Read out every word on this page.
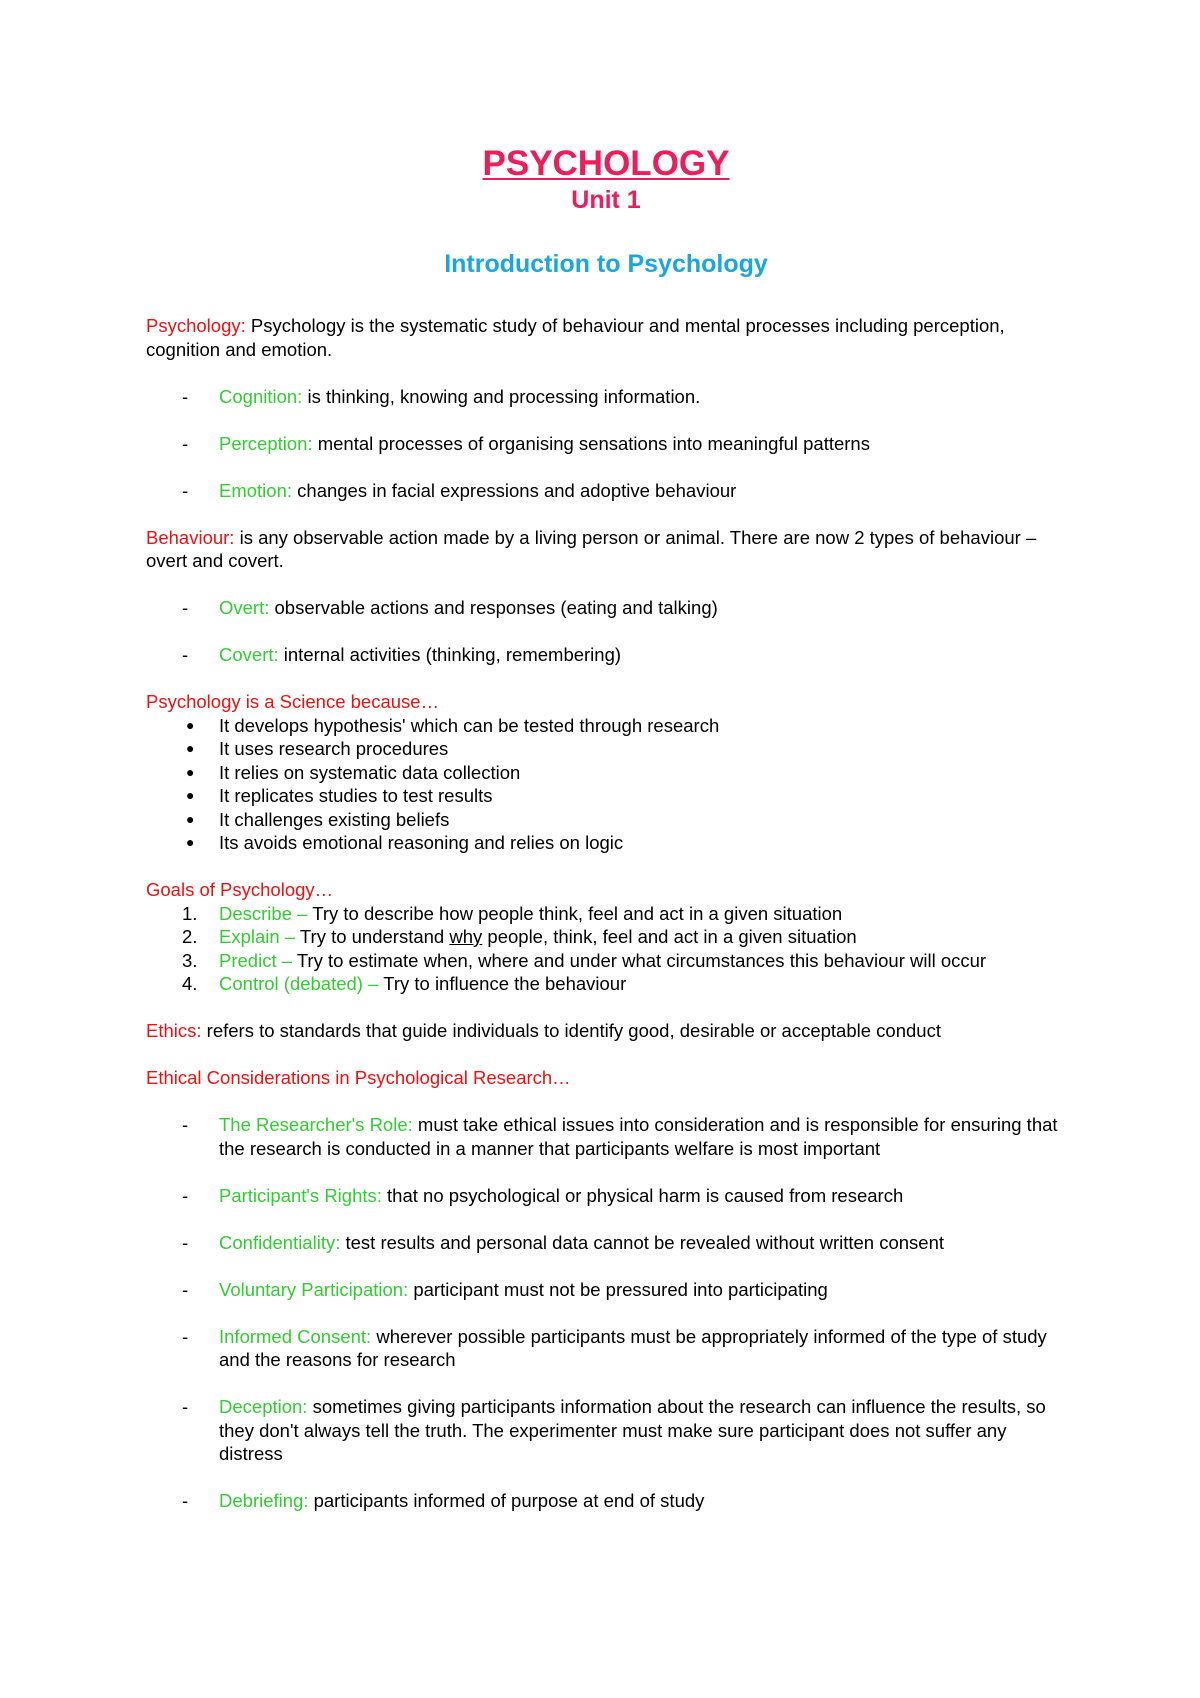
PSYCHOLOGY

Unit 1

Introduction to Psychology

Psychology: Psychology is the systematic study of behaviour and mental processes including perception, cognition and emotion.

-	Cognition: is thinking, knowing and processing information.
-	Perception: mental processes of organising sensations into meaningful patterns
-	Emotion: changes in facial expressions and adoptive behaviour

Behaviour: is any observable action made by a living person or animal. There are now 2 types of behaviour – overt and covert.

-	Overt: observable actions and responses (eating and talking)
-	Covert: internal activities (thinking, remembering)

Psychology is a Science because…

●	It develops hypothesis' which can be tested through research
●	It uses research procedures
●	It relies on systematic data collection
●	It replicates studies to test results
●	It challenges existing beliefs
●	Its avoids emotional reasoning and relies on logic

Goals of Psychology…

1.	Describe – Try to describe how people think, feel and act in a given situation
2.	Explain – Try to understand why people, think, feel and act in a given situation
3.	Predict – Try to estimate when, where and under what circumstances this behaviour will occur
4.	Control (debated) – Try to influence the behaviour

Ethics: refers to standards that guide individuals to identify good, desirable or acceptable conduct

Ethical Considerations in Psychological Research…

-	The Researcher's Role: must take ethical issues into consideration and is responsible for ensuring that the research is conducted in a manner that participants welfare is most important
-	Participant's Rights: that no psychological or physical harm is caused from research
-	Confidentiality: test results and personal data cannot be revealed without written consent
-	Voluntary Participation: participant must not be pressured into participating
-	Informed Consent: wherever possible participants must be appropriately informed of the type of study and the reasons for research
-	Deception: sometimes giving participants information about the research can influence the results, so they don't always tell the truth. The experimenter must make sure participant does not suffer any distress
-	Debriefing: participants informed of purpose at end of study
